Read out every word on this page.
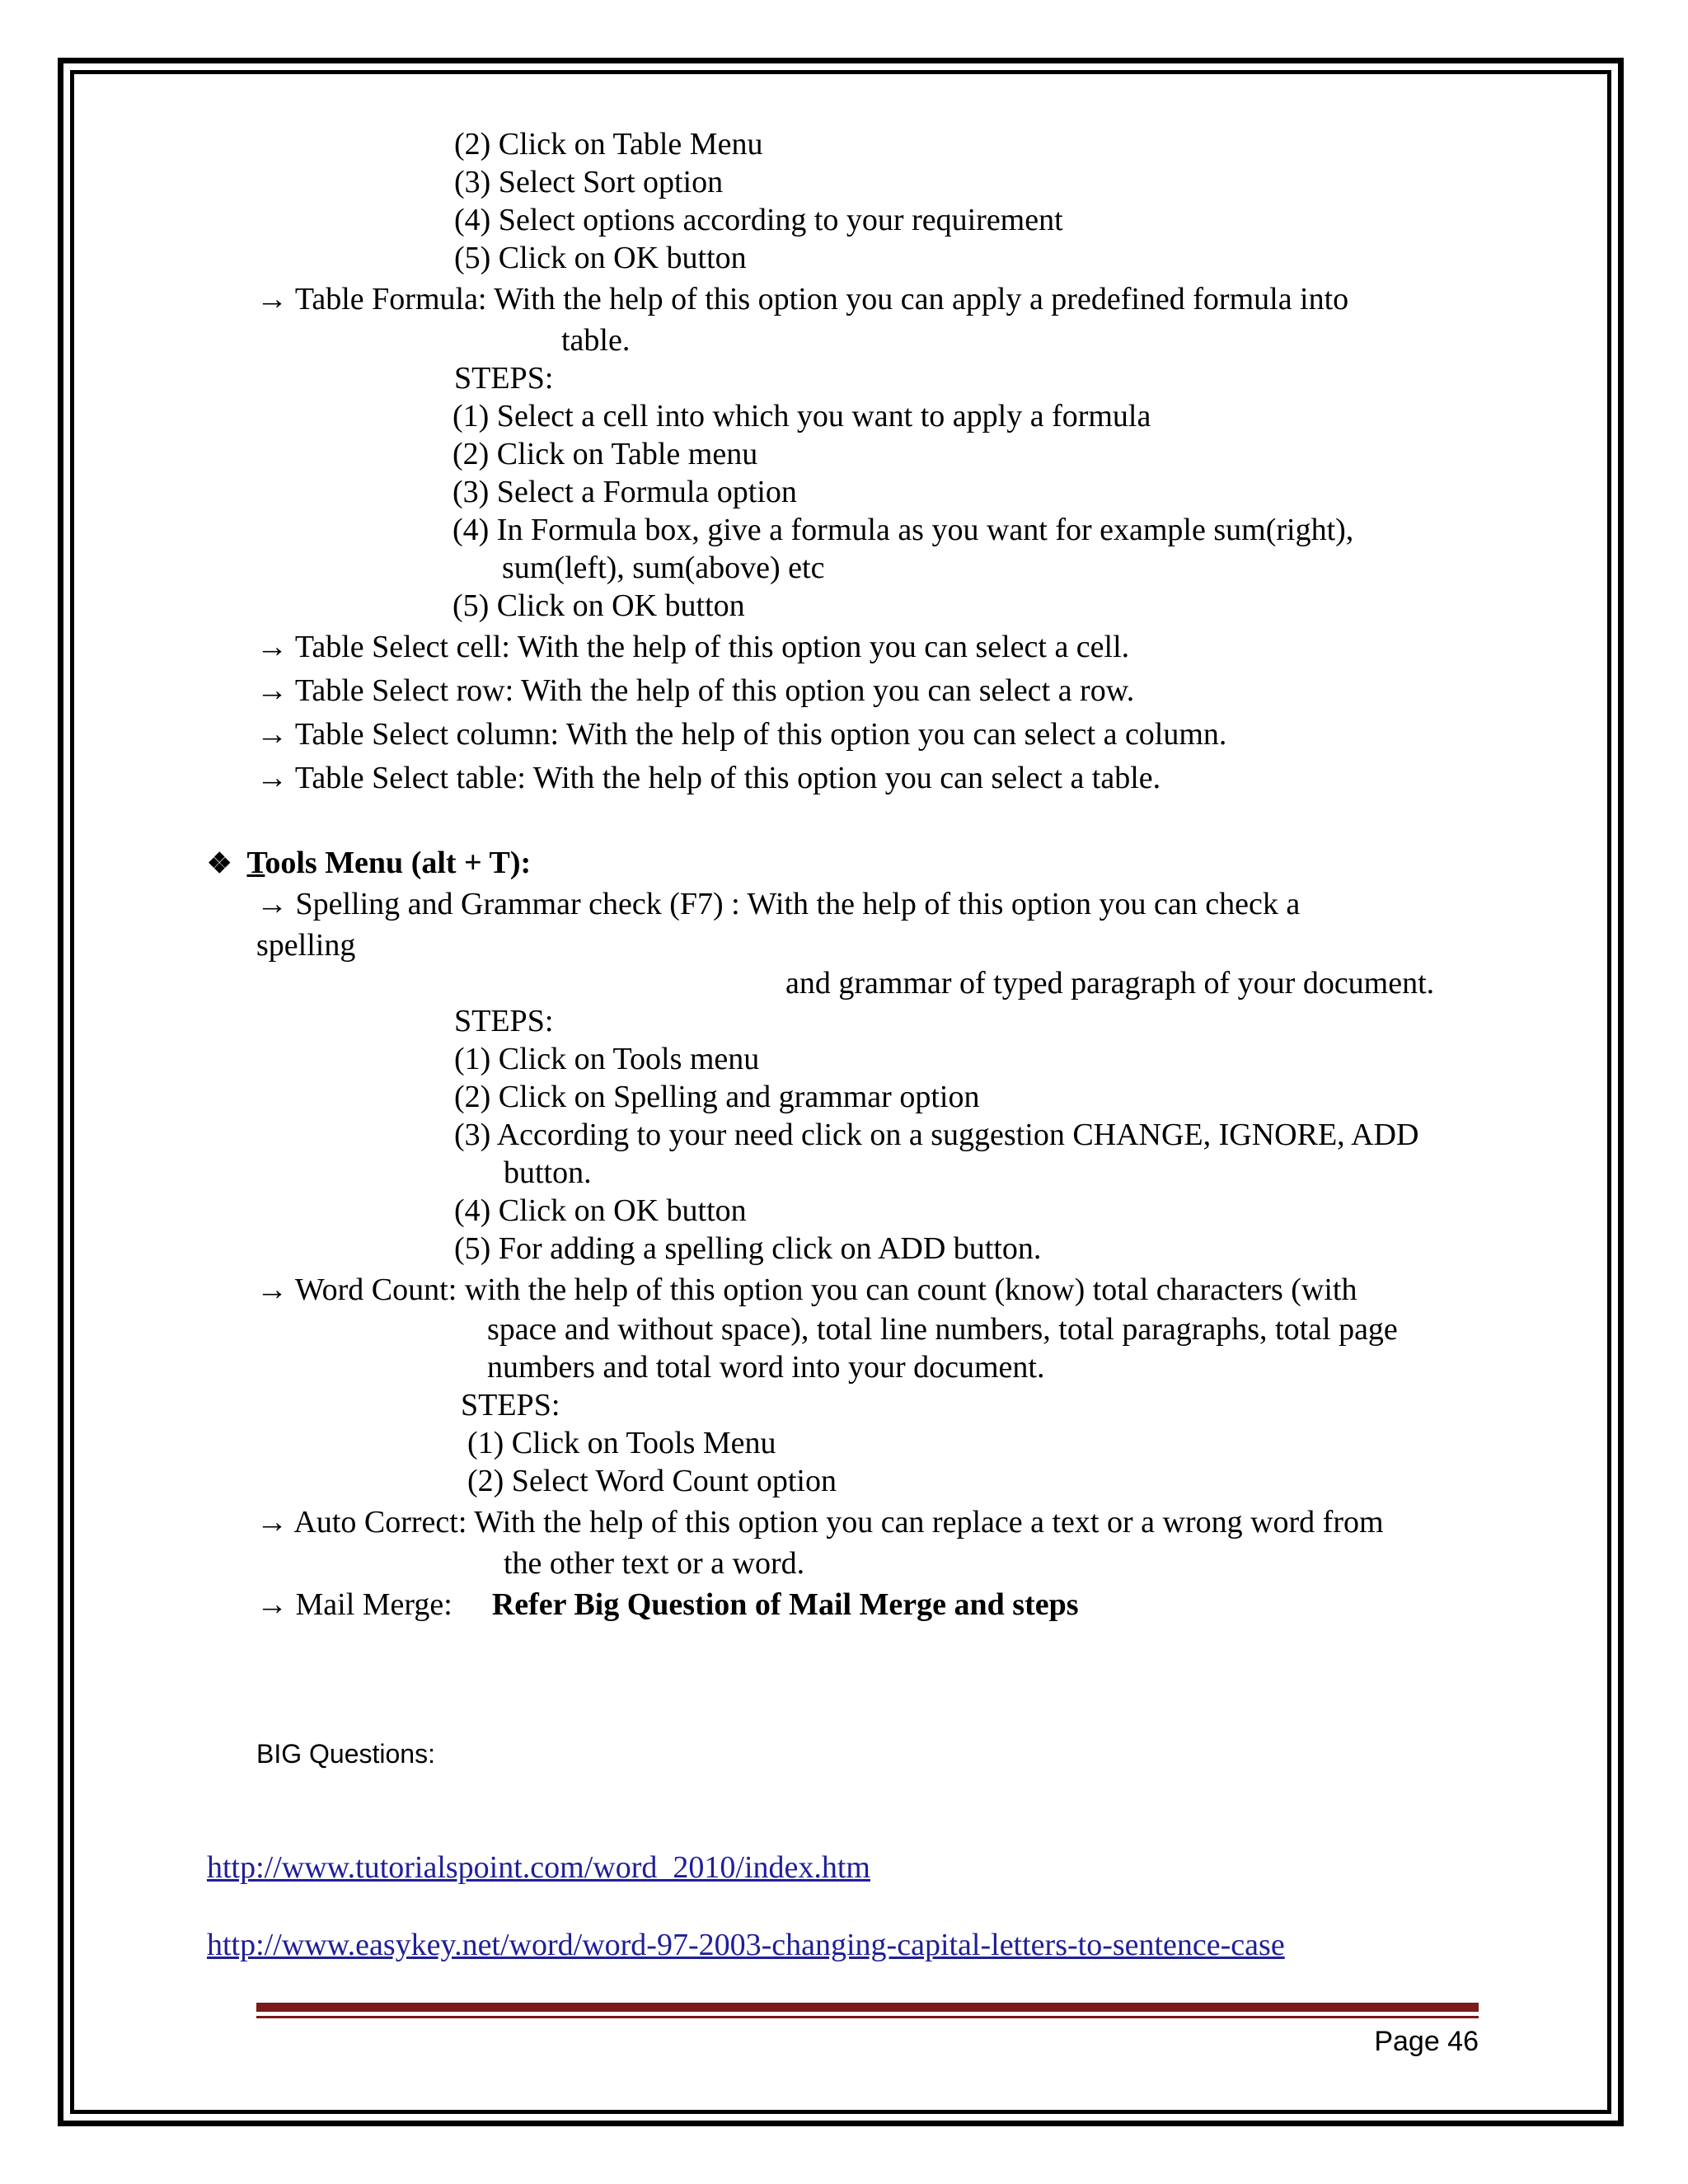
(2) Click on Table Menu
(3) Select Sort option
(4) Select options according to your requirement
(5) Click on OK button
→ Table Formula: With the help of this option you can apply a predefined formula into
table.
STEPS:
(1) Select a cell into which you want to apply a formula
(2) Click on Table menu
(3) Select a Formula option
(4) In Formula box, give a formula as you want for example sum(right),
sum(left), sum(above) etc
(5) Click on OK button
→ Table Select cell: With the help of this option you can select a cell.
→ Table Select row: With the help of this option you can select a row.
→ Table Select column: With the help of this option you can select a column.
→ Table Select table: With the help of this option you can select a table.
❖ Tools Menu (alt + T):
→ Spelling and Grammar check (F7) : With the help of this option you can check a
spelling
and grammar of typed paragraph of your document.
STEPS:
(1) Click on Tools menu
(2) Click on Spelling and grammar option
(3) According to your need click on a suggestion CHANGE, IGNORE, ADD
button.
(4) Click on OK button
(5) For adding a spelling click on ADD button.
→ Word Count: with the help of this option you can count (know) total characters (with
space and without space), total line numbers, total paragraphs, total page
numbers and total word into your document.
STEPS:
(1) Click on Tools Menu
(2) Select Word Count option
→ Auto Correct: With the help of this option you can replace a text or a wrong word from
the other text or a word.
→ Mail Merge: Refer Big Question of Mail Merge and steps
BIG Questions:
http://www.tutorialspoint.com/word_2010/index.htm
http://www.easykey.net/word/word-97-2003-changing-capital-letters-to-sentence-case
Page 46
